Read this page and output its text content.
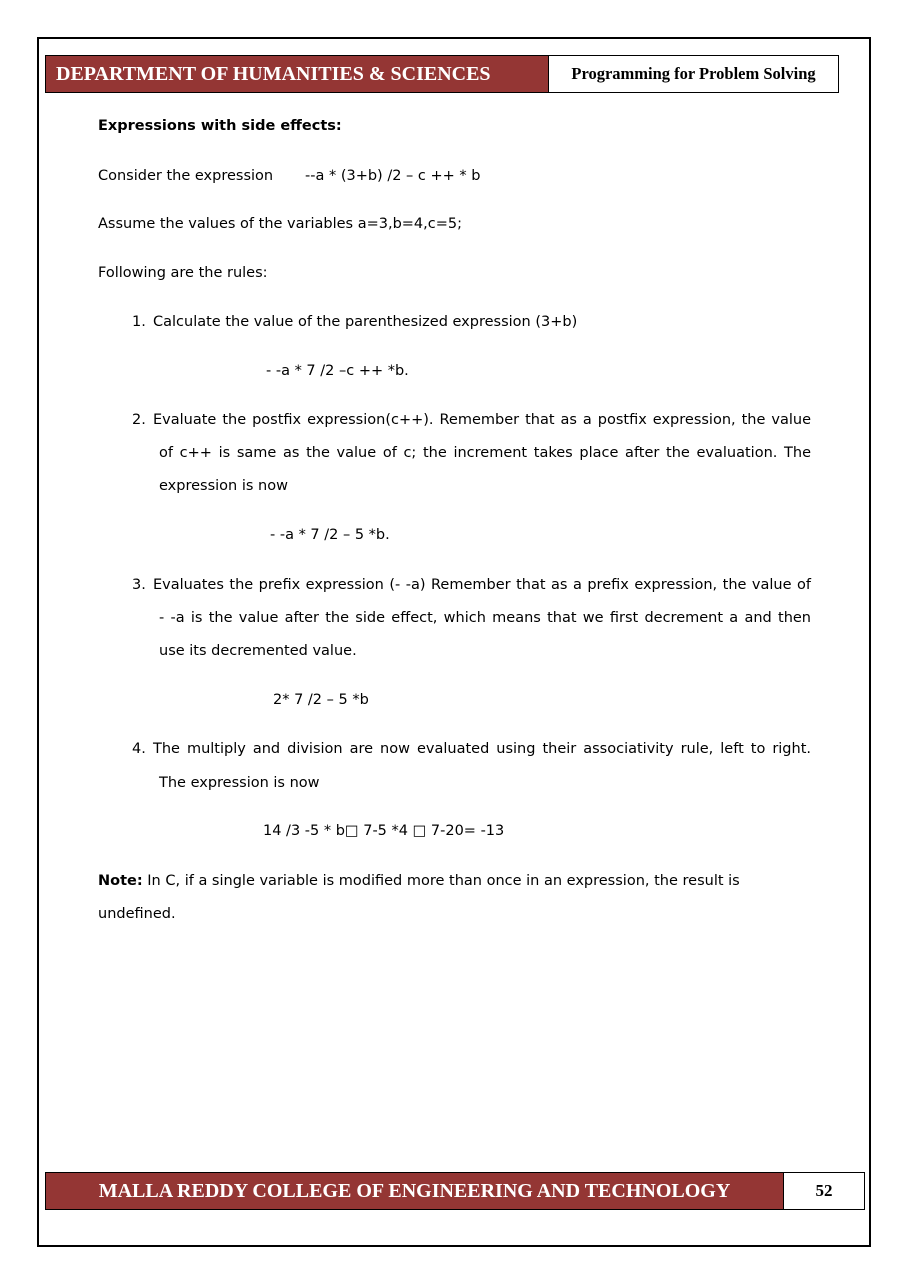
DEPARTMENT OF HUMANITIES & SCIENCES	Programming for Problem Solving
Expressions with side effects:
Consider the expression --a * (3+b) /2 – c ++ * b
Assume the values of the variables a=3,b=4,c=5;
Following are the rules:
1. Calculate the value of the parenthesized expression (3+b)
- -a * 7 /2 –c ++ *b.
2. Evaluate the postfix expression(c++). Remember that as a postfix expression, the value
of c++ is same as the value of c; the increment takes place after the evaluation. The
expression is now
- -a * 7 /2 – 5 *b.
3. Evaluates the prefix expression (- -a) Remember that as a prefix expression, the value of
- -a is the value after the side effect, which means that we first decrement a and then
use its decremented value.
2* 7 /2 – 5 *b
4. The multiply and division are now evaluated using their associativity rule, left to right.
The expression is now
14 /3 -5 * b□ 7-5 *4 □ 7-20= -13
Note: In C, if a single variable is modified more than once in an expression, the result is
undefined.
MALLA REDDY COLLEGE OF ENGINEERING AND TECHNOLOGY	52
